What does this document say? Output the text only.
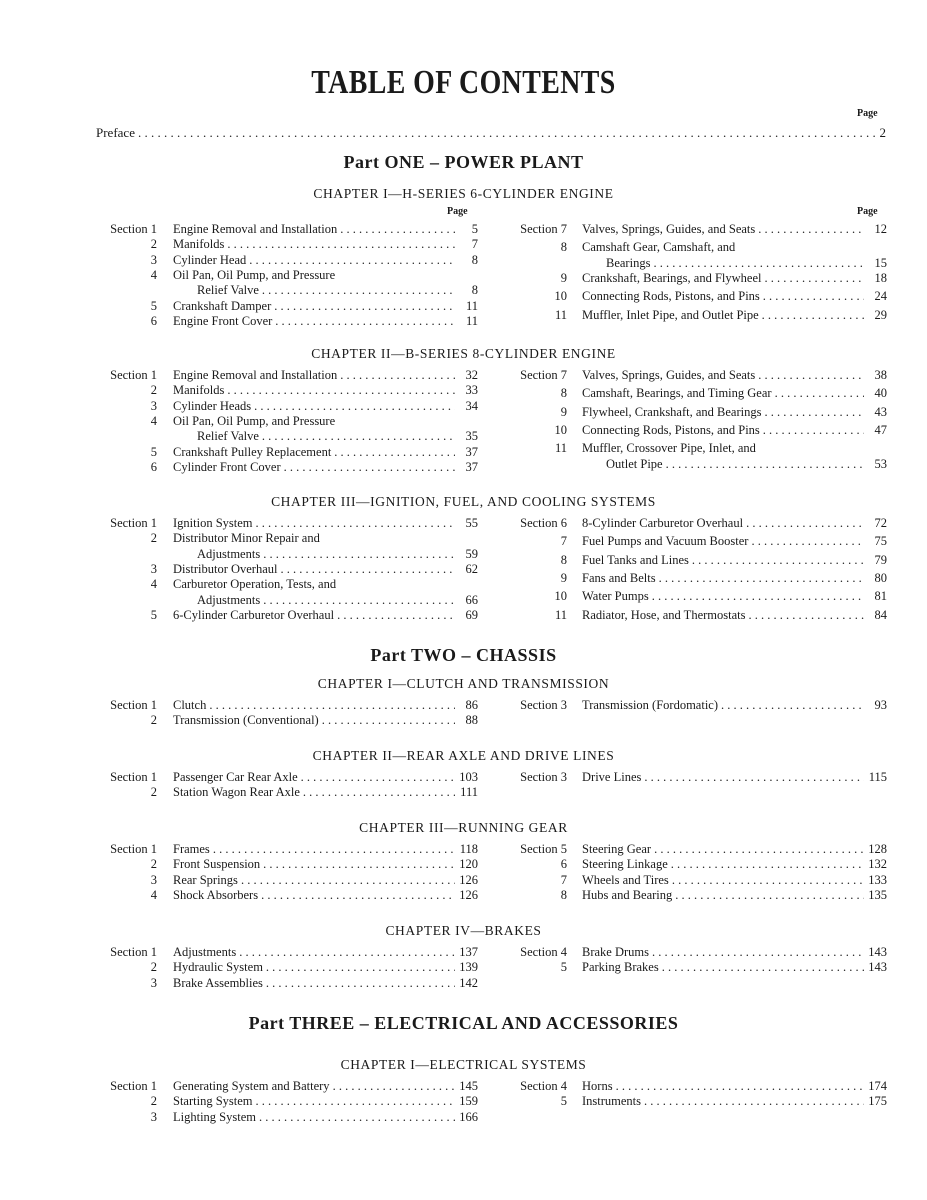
TABLE OF CONTENTS
Page
Preface . . .	2
Part ONE – POWER PLANT
CHAPTER I—H-SERIES 6-CYLINDER ENGINE
Page	Page
Section 1 Engine Removal and Installation . . .	5
2 Manifolds . . .	7
3 Cylinder Head . . .	8
4 Oil Pan, Oil Pump, and Pressure
Relief Valve . . .	8
5 Crankshaft Damper . . .	11
6 Engine Front Cover . . .	11
Section 7 Valves, Springs, Guides, and Seats . . .	12
8 Camshaft Gear, Camshaft, and
Bearings . . .	15
9 Crankshaft, Bearings, and Flywheel . . .	18
10 Connecting Rods, Pistons, and Pins . . .	24
11 Muffler, Inlet Pipe, and Outlet Pipe . . .	29
CHAPTER II—B-SERIES 8-CYLINDER ENGINE
Section 1 Engine Removal and Installation . . .	32
2 Manifolds . . .	33
3 Cylinder Heads . . .	34
4 Oil Pan, Oil Pump, and Pressure
Relief Valve . . .	35
5 Crankshaft Pulley Replacement . . .	37
6 Cylinder Front Cover . . .	37
Section 7 Valves, Springs, Guides, and Seats . . .	38
8 Camshaft, Bearings, and Timing Gear . . .	40
9 Flywheel, Crankshaft, and Bearings . . .	43
10 Connecting Rods, Pistons, and Pins . . .	47
11 Muffler, Crossover Pipe, Inlet, and
Outlet Pipe . . .	53
CHAPTER III—IGNITION, FUEL, AND COOLING SYSTEMS
Section 1 Ignition System . . .	55
2 Distributor Minor Repair and
Adjustments . . .	59
3 Distributor Overhaul . . .	62
4 Carburetor Operation, Tests, and
Adjustments . . .	66
5 6-Cylinder Carburetor Overhaul . . .	69
Section 6 8-Cylinder Carburetor Overhaul . . .	72
7 Fuel Pumps and Vacuum Booster . . .	75
8 Fuel Tanks and Lines . . .	79
9 Fans and Belts . . .	80
10 Water Pumps . . .	81
11 Radiator, Hose, and Thermostats . . .	84
Part TWO – CHASSIS
CHAPTER I—CLUTCH AND TRANSMISSION
Section 1 Clutch . . .	86
2 Transmission (Conventional) . . .	88
Section 3 Transmission (Fordomatic) . . .	93
CHAPTER II—REAR AXLE AND DRIVE LINES
Section 1 Passenger Car Rear Axle . . .	103
2 Station Wagon Rear Axle . . .	111
Section 3 Drive Lines . . .	115
CHAPTER III—RUNNING GEAR
Section 1 Frames . . .	118
2 Front Suspension . . .	120
3 Rear Springs . . .	126
4 Shock Absorbers . . .	126
Section 5 Steering Gear . . .	128
6 Steering Linkage . . .	132
7 Wheels and Tires . . .	133
8 Hubs and Bearing . . .	135
CHAPTER IV—BRAKES
Section 1 Adjustments . . .	137
2 Hydraulic System . . .	139
3 Brake Assemblies . . .	142
Section 4 Brake Drums . . .	143
5 Parking Brakes . . .	143
Part THREE – ELECTRICAL AND ACCESSORIES
CHAPTER I—ELECTRICAL SYSTEMS
Section 1 Generating System and Battery . . .	145
2 Starting System . . .	159
3 Lighting System . . .	166
Section 4 Horns . . .	174
5 Instruments . . .	175
